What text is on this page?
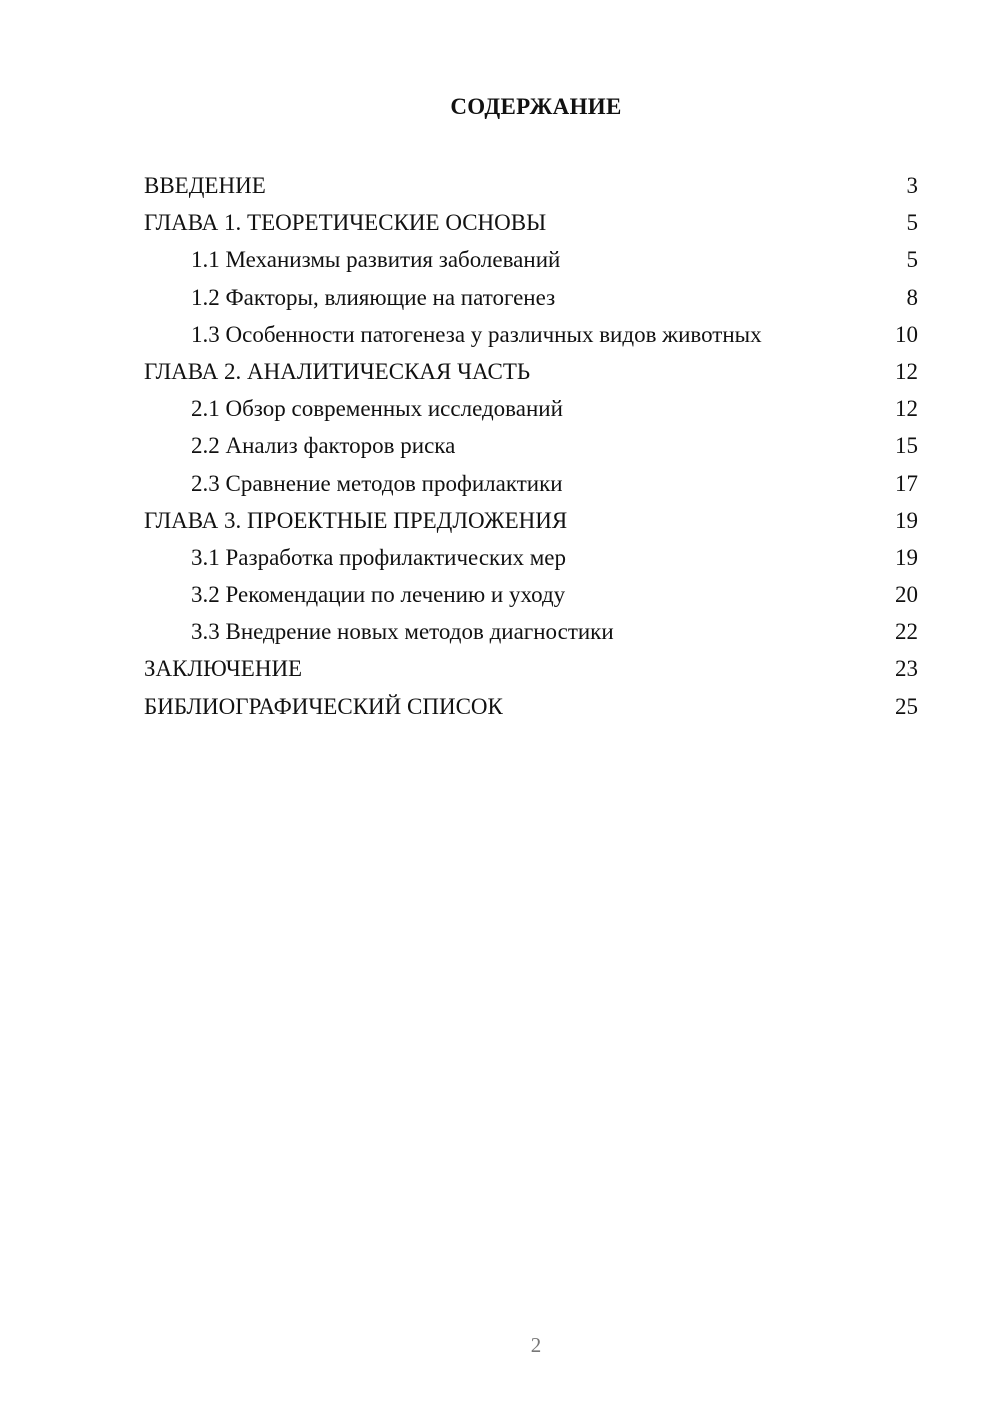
СОДЕРЖАНИЕ
ВВЕДЕНИЕ	3
ГЛАВА 1. ТЕОРЕТИЧЕСКИЕ ОСНОВЫ	5
1.1 Механизмы развития заболеваний	5
1.2 Факторы, влияющие на патогенез	8
1.3 Особенности патогенеза у различных видов животных	10
ГЛАВА 2. АНАЛИТИЧЕСКАЯ ЧАСТЬ	12
2.1 Обзор современных исследований	12
2.2 Анализ факторов риска	15
2.3 Сравнение методов профилактики	17
ГЛАВА 3. ПРОЕКТНЫЕ ПРЕДЛОЖЕНИЯ	19
3.1 Разработка профилактических мер	19
3.2 Рекомендации по лечению и уходу	20
3.3 Внедрение новых методов диагностики	22
ЗАКЛЮЧЕНИЕ	23
БИБЛИОГРАФИЧЕСКИЙ СПИСОК	25
2
